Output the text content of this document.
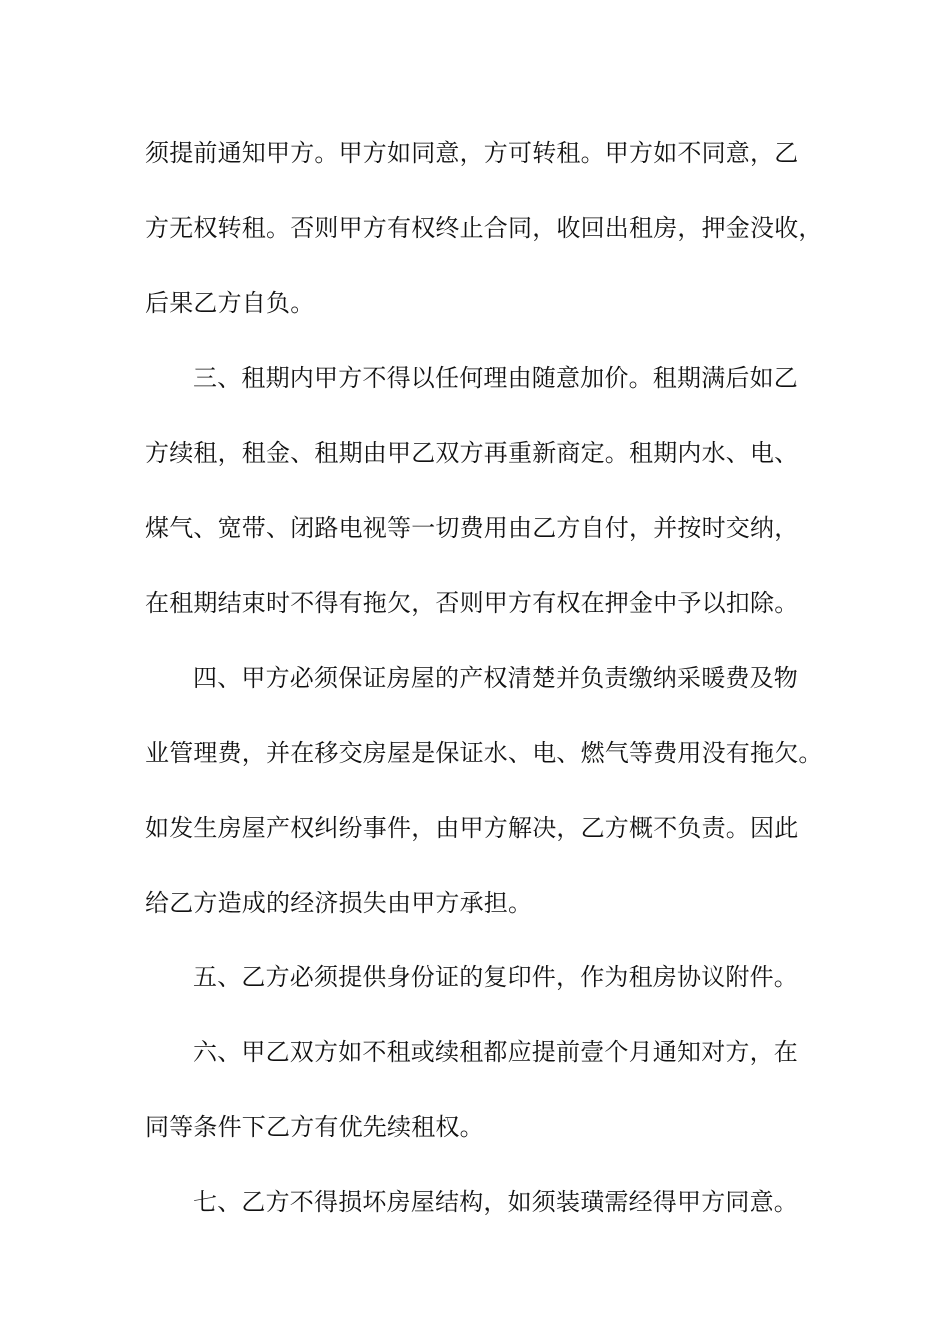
须提前通知甲方。甲方如同意，方可转租。甲方如不同意，乙
方无权转租。否则甲方有权终止合同，收回出租房，押金没收，
后果乙方自负。
三、租期内甲方不得以任何理由随意加价。租期满后如乙
方续租，租金、租期由甲乙双方再重新商定。租期内水、电、
煤气、宽带、闭路电视等一切费用由乙方自付，并按时交纳，
在租期结束时不得有拖欠，否则甲方有权在押金中予以扣除。
四、甲方必须保证房屋的产权清楚并负责缴纳采暖费及物
业管理费，并在移交房屋是保证水、电、燃气等费用没有拖欠。
如发生房屋产权纠纷事件，由甲方解决，乙方概不负责。因此
给乙方造成的经济损失由甲方承担。
五、乙方必须提供身份证的复印件，作为租房协议附件。
六、甲乙双方如不租或续租都应提前壹个月通知对方，在
同等条件下乙方有优先续租权。
七、乙方不得损坏房屋结构，如须装璜需经得甲方同意。
